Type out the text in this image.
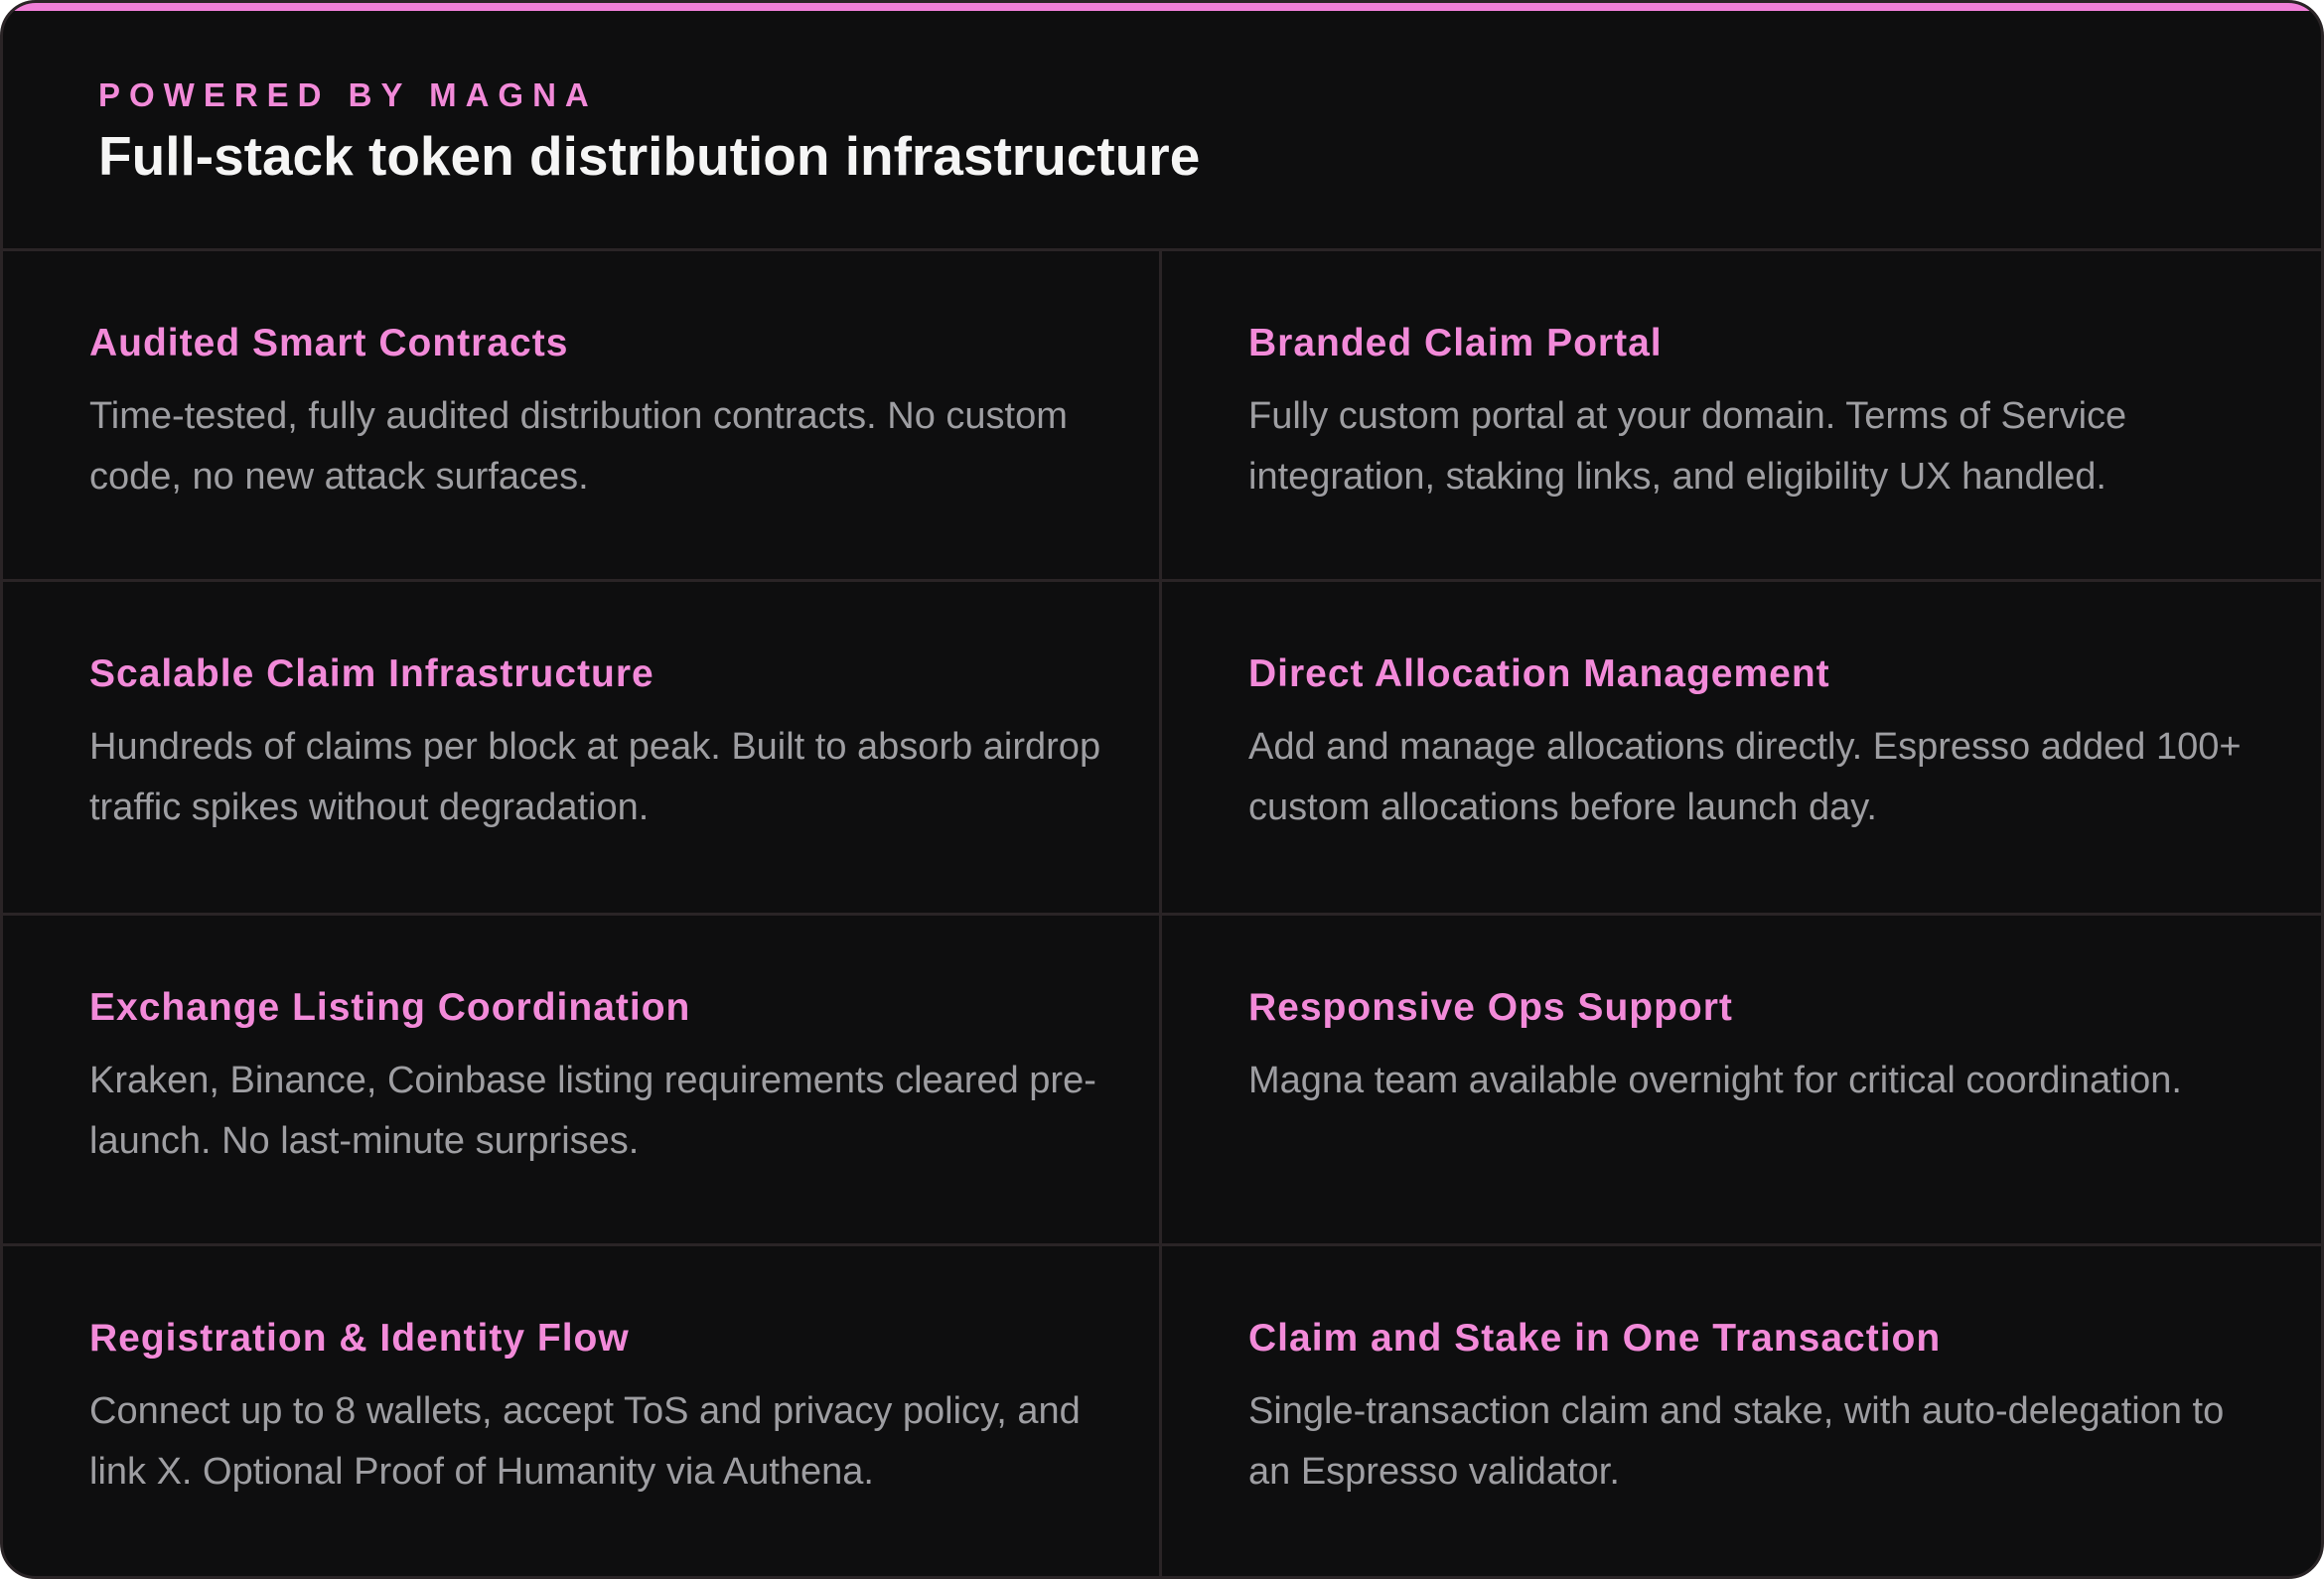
POWERED BY MAGNA
Full-stack token distribution infrastructure
Audited Smart Contracts
Time-tested, fully audited distribution contracts. No custom code, no new attack surfaces.
Branded Claim Portal
Fully custom portal at your domain. Terms of Service integration, staking links, and eligibility UX handled.
Scalable Claim Infrastructure
Hundreds of claims per block at peak. Built to absorb airdrop traffic spikes without degradation.
Direct Allocation Management
Add and manage allocations directly. Espresso added 100+ custom allocations before launch day.
Exchange Listing Coordination
Kraken, Binance, Coinbase listing requirements cleared pre-launch. No last-minute surprises.
Responsive Ops Support
Magna team available overnight for critical coordination.
Registration & Identity Flow
Connect up to 8 wallets, accept ToS and privacy policy, and link X. Optional Proof of Humanity via Authena.
Claim and Stake in One Transaction
Single-transaction claim and stake, with auto-delegation to an Espresso validator.
